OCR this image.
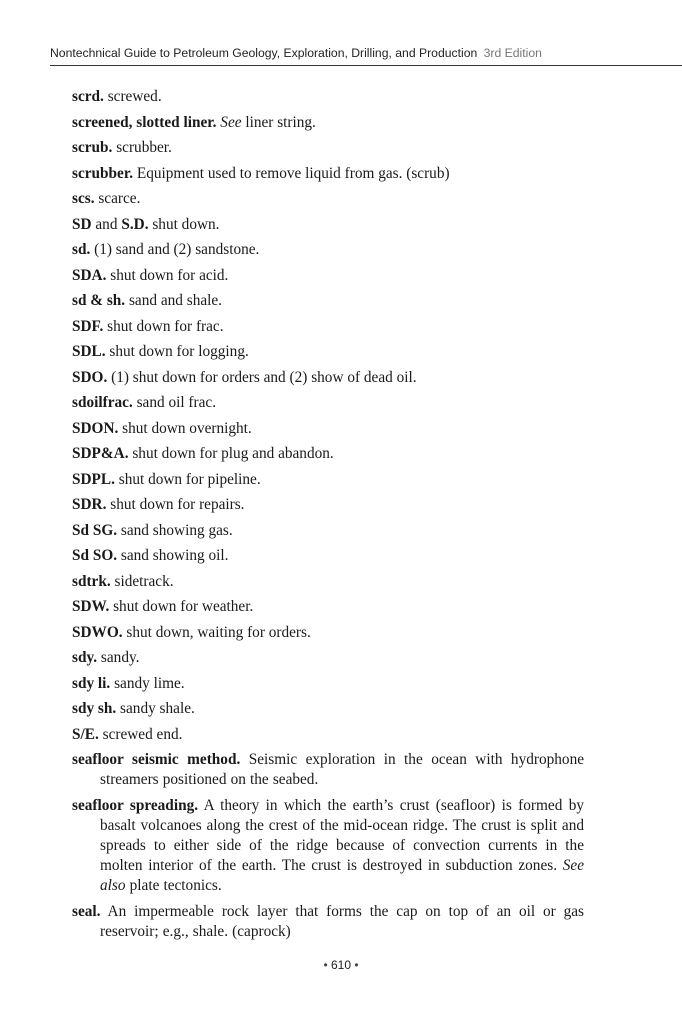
Nontechnical Guide to Petroleum Geology, Exploration, Drilling, and Production 3rd Edition

scrd. screwed.

screened, slotted liner. See liner string.

scrub. scrubber.

scrubber. Equipment used to remove liquid from gas. (scrub)

scs. scarce.

SD and S.D. shut down.

sd. (1) sand and (2) sandstone.

SDA. shut down for acid.

sd & sh. sand and shale.

SDF. shut down for frac.

SDL. shut down for logging.

SDO. (1) shut down for orders and (2) show of dead oil.

sdoilfrac. sand oil frac.

SDON. shut down overnight.

SDP&A. shut down for plug and abandon.

SDPL. shut down for pipeline.

SDR. shut down for repairs.

Sd SG. sand showing gas.

Sd SO. sand showing oil.

sdtrk. sidetrack.

SDW. shut down for weather.

SDWO. shut down, waiting for orders.

sdy. sandy.

sdy li. sandy lime.

sdy sh. sandy shale.

S/E. screwed end.

seafloor seismic method. Seismic exploration in the ocean with hydrophone streamers positioned on the seabed.

seafloor spreading. A theory in which the earth’s crust (seafloor) is formed by basalt volcanoes along the crest of the mid-ocean ridge. The crust is split and spreads to either side of the ridge because of convection currents in the molten interior of the earth. The crust is destroyed in subduction zones. See also plate tectonics.

seal. An impermeable rock layer that forms the cap on top of an oil or gas reservoir; e.g., shale. (caprock)

• 610 •
